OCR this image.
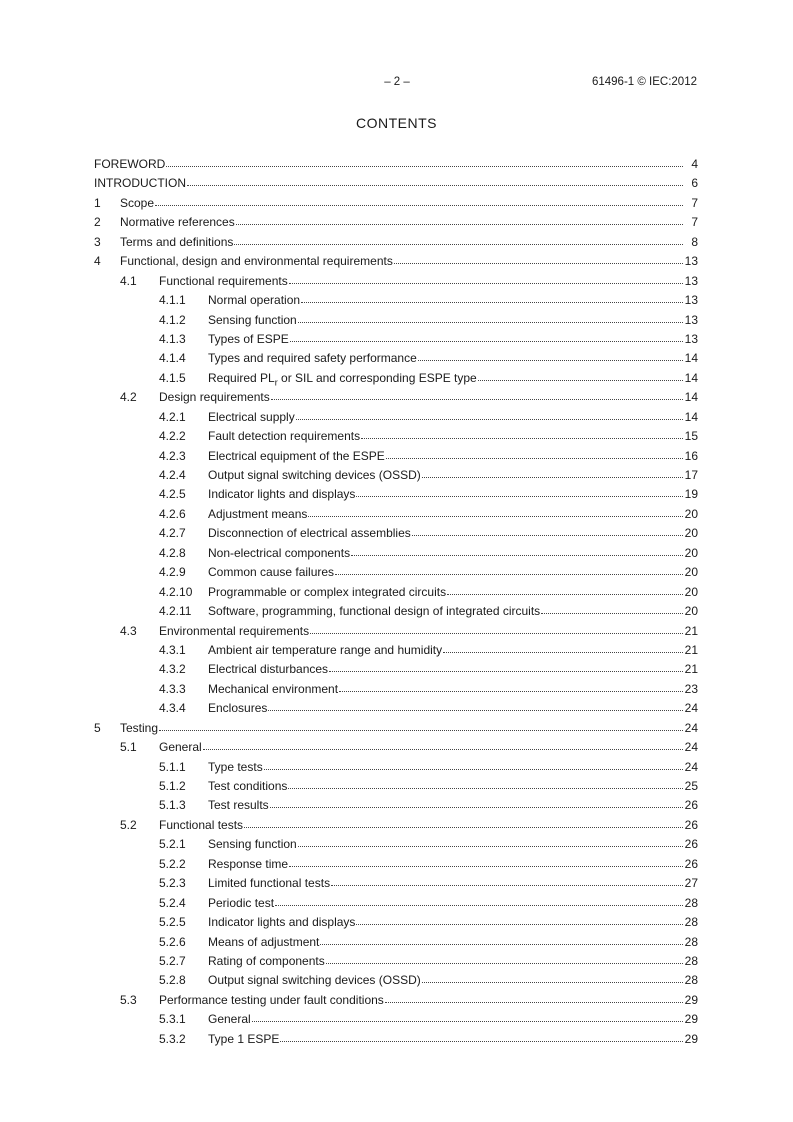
– 2 –	61496-1 © IEC:2012
CONTENTS
FOREWORD	4
INTRODUCTION	6
1	Scope	7
2	Normative references	7
3	Terms and definitions	8
4	Functional, design and environmental requirements	13
4.1	Functional requirements	13
4.1.1	Normal operation	13
4.1.2	Sensing function	13
4.1.3	Types of ESPE	13
4.1.4	Types and required safety performance	14
4.1.5	Required $PL_r$ or SIL and corresponding ESPE type	14
4.2	Design requirements	14
4.2.1	Electrical supply	14
4.2.2	Fault detection requirements	15
4.2.3	Electrical equipment of the ESPE	16
4.2.4	Output signal switching devices (OSSD)	17
4.2.5	Indicator lights and displays	19
4.2.6	Adjustment means	20
4.2.7	Disconnection of electrical assemblies	20
4.2.8	Non-electrical components	20
4.2.9	Common cause failures	20
4.2.10	Programmable or complex integrated circuits	20
4.2.11	Software, programming, functional design of integrated circuits	20
4.3	Environmental requirements	21
4.3.1	Ambient air temperature range and humidity	21
4.3.2	Electrical disturbances	21
4.3.3	Mechanical environment	23
4.3.4	Enclosures	24
5	Testing	24
5.1	General	24
5.1.1	Type tests	24
5.1.2	Test conditions	25
5.1.3	Test results	26
5.2	Functional tests	26
5.2.1	Sensing function	26
5.2.2	Response time	26
5.2.3	Limited functional tests	27
5.2.4	Periodic test	28
5.2.5	Indicator lights and displays	28
5.2.6	Means of adjustment	28
5.2.7	Rating of components	28
5.2.8	Output signal switching devices (OSSD)	28
5.3	Performance testing under fault conditions	29
5.3.1	General	29
5.3.2	Type 1 ESPE	29
